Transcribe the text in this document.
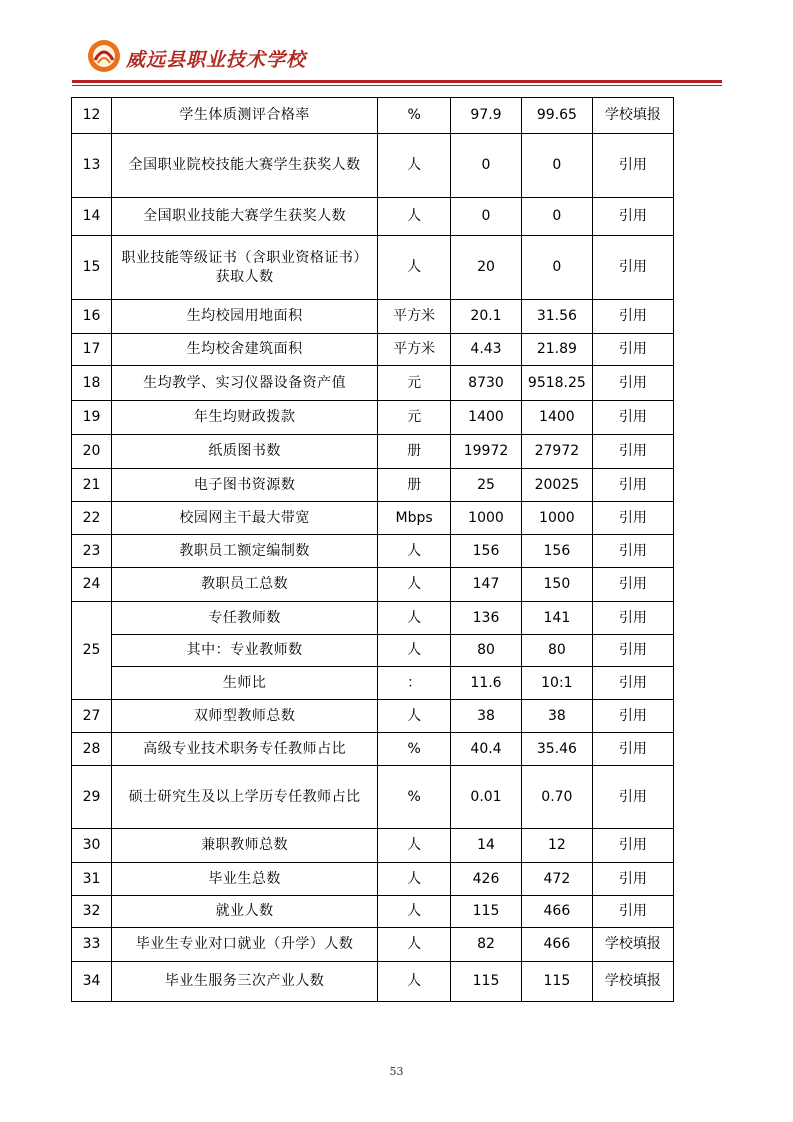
威远县职业技术学校
12	学生体质测评合格率	%	97.9	99.65	学校填报
13	全国职业院校技能大赛学生获奖人数	人	0	0	引用
14	全国职业技能大赛学生获奖人数	人	0	0	引用
15	职业技能等级证书（含职业资格证书）获取人数	人	20	0	引用
16	生均校园用地面积	平方米	20.1	31.56	引用
17	生均校舍建筑面积	平方米	4.43	21.89	引用
18	生均教学、实习仪器设备资产值	元	8730	9518.25	引用
19	年生均财政拨款	元	1400	1400	引用
20	纸质图书数	册	19972	27972	引用
21	电子图书资源数	册	25	20025	引用
22	校园网主干最大带宽	Mbps	1000	1000	引用
23	教职员工额定编制数	人	156	156	引用
24	教职员工总数	人	147	150	引用
25	专任教师数	人	136	141	引用
	其中：专业教师数	人	80	80	引用
	生师比	：	11.6	10:1	引用
27	双师型教师总数	人	38	38	引用
28	高级专业技术职务专任教师占比	%	40.4	35.46	引用
29	硕士研究生及以上学历专任教师占比	%	0.01	0.70	引用
30	兼职教师总数	人	14	12	引用
31	毕业生总数	人	426	472	引用
32	就业人数	人	115	466	引用
33	毕业生专业对口就业（升学）人数	人	82	466	学校填报
34	毕业生服务三次产业人数	人	115	115	学校填报
53
